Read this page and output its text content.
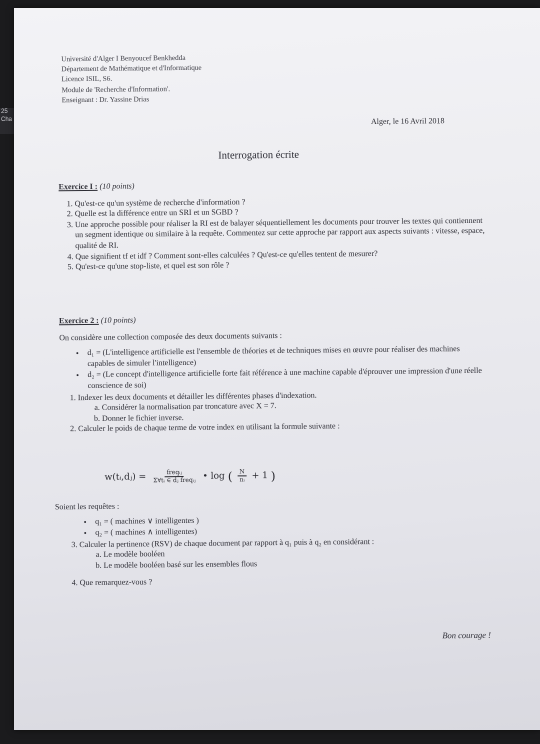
25 Cha
Université d'Alger I Benyoucef Benkhedda
Département de Mathématique et d'Informatique
Licence ISIL, S6.
Module de 'Recherche d'Information'.
Enseignant : Dr. Yassine Drias
Alger, le 16 Avril 2018
Interrogation écrite
Exercice I : (10 points)
1. Qu'est-ce qu'un système de recherche d'information ?
2. Quelle est la différence entre un SRI et un SGBD ?
3. Une approche possible pour réaliser la RI est de balayer séquentiellement les documents pour trouver les textes qui contiennent un segment identique ou similaire à la requête. Commentez sur cette approche par rapport aux aspects suivants : vitesse, espace, qualité de RI.
4. Que signifient tf et idf ? Comment sont-elles calculées ? Qu'est-ce qu'elles tentent de mesurer?
5. Qu'est-ce qu'une stop-liste, et quel est son rôle ?
Exercice 2 : (10 points)
On considère une collection composée des deux documents suivants :
• d₁ = (L'intelligence artificielle est l'ensemble de théories et de techniques mises en œuvre pour réaliser des machines capables de simuler l'intelligence)
• d₂ = (Le concept d'intelligence artificielle forte fait référence à une machine capable d'éprouver une impression d'une réelle conscience de soi)
1. Indexer les deux documents et détailler les différentes phases d'indexation.
a. Considérer la normalisation par troncature avec X = 7.
b. Donner le fichier inverse.
2. Calculer le poids de chaque terme de votre index en utilisant la formule suivante :
w(tᵢ,dⱼ) = $\frac{\text{freqᵢⱼ}}{\text{Σ∀tᵢ ∈ dⱼ freqᵢⱼ}}$ • log ( $\frac{N}{\text{nᵢ}} + 1$ )
Soient les requêtes :
• q₁ = ( machines ∨ intelligentes )
• q₂ = ( machines ∧ intelligentes)
3. Calculer la pertinence (RSV) de chaque document par rapport à q₁ puis à q₂ en considérant :
a. Le modèle booléen
b. Le modèle booléen basé sur les ensembles flous
4. Que remarquez-vous ?
Bon courage !
